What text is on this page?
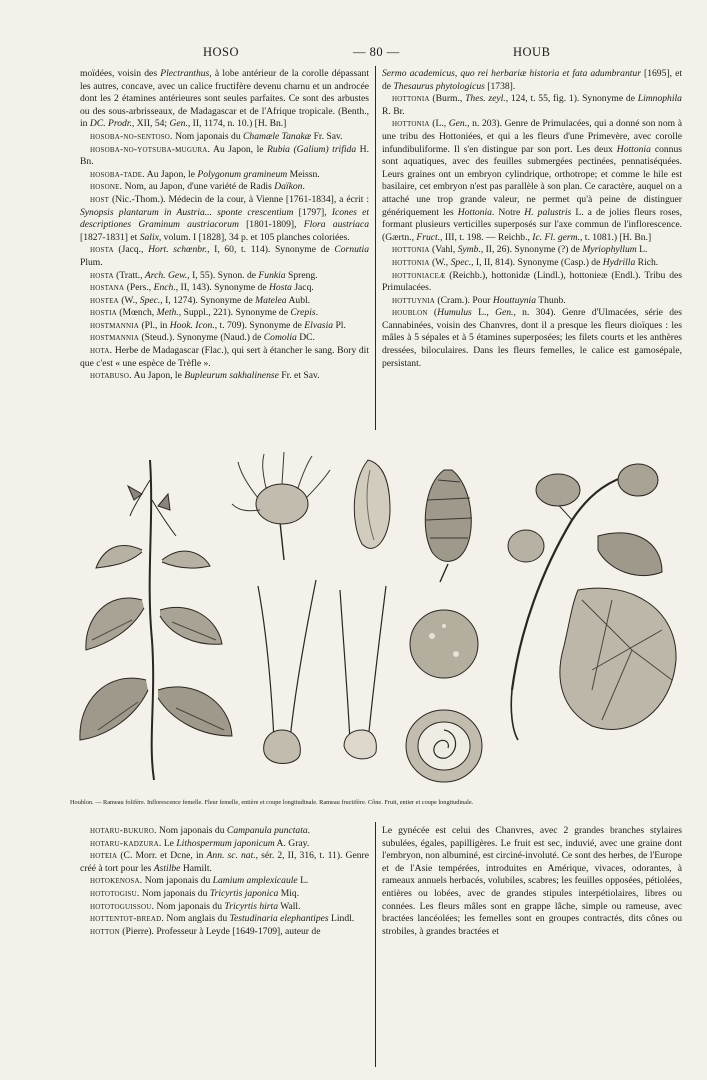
HOSO	— 80 —	HOUB

moïdées, voisin des Plectranthus, à lobe antérieur de la corolle dépassant les autres, concave, avec un calice fructifère devenu charnu et un androcée dont les 2 étamines antérieures sont seules parfaites. Ce sont des arbustes ou des sous-arbrisseaux, de Madagascar et de l'Afrique tropicale. (Benth., in DC. Prodr., XII, 54; Gen., II, 1174, n. 10.) [H. Bn.]

hosoba-no-sentoso. Nom japonais du Chamæle Tanakæ Fr. Sav.

hosoba-no-yotsuba-mugura. Au Japon, le Rubia (Galium) trifida H. Bn.

hosoba-tade. Au Japon, le Polygonum gramineum Meissn.

hosone. Nom, au Japon, d'une variété de Radis Daïkon.

host (Nic.-Thom.). Médecin de la cour, à Vienne [1761-1834], a écrit : Synopsis plantarum in Austria... sponte crescentium [1797], Icones et descriptiones Graminum austriacorum [1801-1809], Flora austriaca [1827-1831] et Salix, volum. I [1828], 34 p. et 105 planches coloriées.

hosta (Jacq., Hort. schœnbr., I, 60, t. 114). Synonyme de Cornutia Plum.

hosta (Tratt., Arch. Gew., I, 55). Synon. de Funkia Spreng.

hostana (Pers., Ench., II, 143). Synonyme de Hosta Jacq.

hostea (W., Spec., I, 1274). Synonyme de Matelea Aubl.

hostia (Mœnch, Meth., Suppl., 221). Synonyme de Crepis.

hostmannia (Pl., in Hook. Icon., t. 709). Synonyme de Elvasia Pl.

hostmannia (Steud.). Synonyme (Naud.) de Comolia DC.

hota. Herbe de Madagascar (Flac.), qui sert à étancher le sang. Bory dit que c'est « une espèce de Trèfle ».

hotabuso. Au Japon, le Bupleurum sakhalinense Fr. et Sav.

Sermo academicus, quo rei herbariæ historia et fata adumbrantur [1695], et de Thesaurus phytologicus [1738].

hottonia (Burm., Thes. zeyl., 124, t. 55, fig. 1). Synonyme de Limnophila R. Br.

hottonia (L., Gen., n. 203). Genre de Primulacées, qui a donné son nom à une tribu des Hottoniées, et qui a les fleurs d'une Primevère, avec corolle infundibuliforme. Il s'en distingue par son port. Les deux Hottonia connus sont aquatiques, avec des feuilles submergées pectinées, pennatiséquées. Leurs graines ont un embryon cylindrique, orthotrope; et comme le hile est basilaire, cet embryon n'est pas parallèle à son plan. Ce caractère, auquel on a attaché une trop grande valeur, ne permet qu'à peine de distinguer génériquement les Hottonia. Notre H. palustris L. a de jolies fleurs roses, formant plusieurs verticilles superposés sur l'axe commun de l'inflorescence. (Gærtn., Fruct., III, t. 198. — Reichb., Ic. Fl. germ., t. 1081.) [H. Bn.]

hottonia (Vahl, Symb., II, 26). Synonyme (?) de Myriophyllum L.

hottonia (W., Spec., I, II, 814). Synonyme (Casp.) de Hydrilla Rich.

hottoniaceæ (Reichb.), hottonidæ (Lindl.), hottonieæ (Endl.). Tribu des Primulacées.

hottuynia (Cram.). Pour Houttuynia Thunb.

houblon (Humulus L., Gen., n. 304). Genre d'Ulmacées, série des Cannabinées, voisin des Chanvres, dont il a presque les fleurs dioïques : les mâles à 5 sépales et à 5 étamines superposées; les filets courts et les anthères dressées, biloculaires. Dans les fleurs femelles, le calice est gamosépale, persistant.

Houblon. — Rameau folifère. Inflorescence femelle. Fleur femelle, entière et coupe longitudinale. Rameau fructifère. Cône. Fruit, entier et coupe longitudinale.

hotaru-bukuro. Nom japonais du Campanula punctata.

hotaru-kadzura. Le Lithospermum japonicum A. Gray.

hoteia (C. Morr. et Dcne, in Ann. sc. nat., sér. 2, II, 316, t. 11). Genre créé à tort pour les Astilbe Hamilt.

hotokenosa. Nom japonais du Lamium amplexicaule L.

hototogisu. Nom japonais du Tricyrtis japonica Miq.

hototoguissou. Nom japonais du Tricyrtis hirta Wall.

hottentot-bread. Nom anglais du Testudinaria elephantipes Lindl.

hotton (Pierre). Professeur à Leyde [1649-1709], auteur de

Le gynécée est celui des Chanvres, avec 2 grandes branches stylaires subulées, égales, papilligères. Le fruit est sec, induvié, avec une graine dont l'embryon, non albuminé, est circiné-involuté. Ce sont des herbes, de l'Europe et de l'Asie tempérées, introduites en Amérique, vivaces, odorantes, à rameaux annuels herbacés, volubiles, scabres; les feuilles opposées, pétiolées, entières ou lobées, avec de grandes stipules interpétiolaires, libres ou connées. Les fleurs mâles sont en grappe lâche, simple ou rameuse, avec bractées lancéolées; les femelles sont en groupes contractés, dits cônes ou strobiles, à grandes bractées et
